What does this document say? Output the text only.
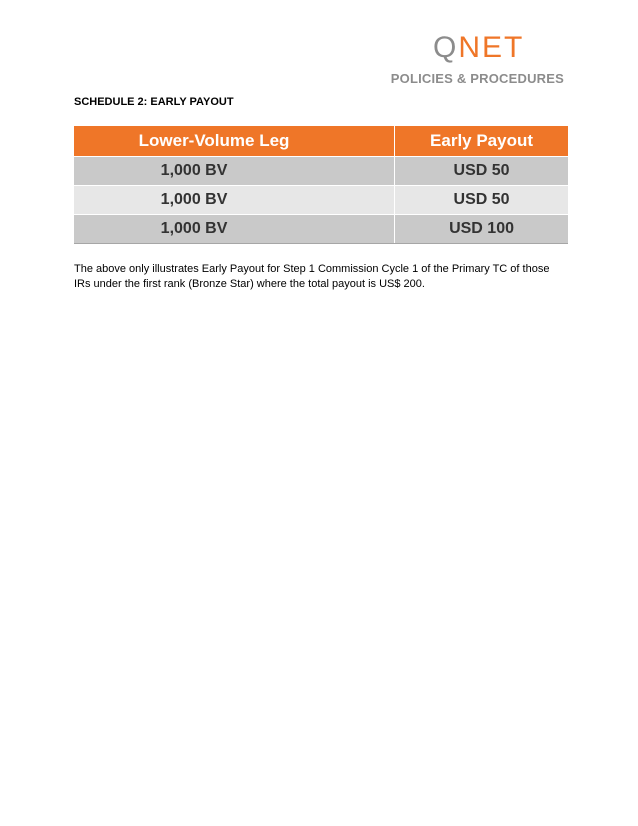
QNET
POLICIES & PROCEDURES
SCHEDULE 2: EARLY PAYOUT
Lower-Volume Leg	Early Payout
1,000 BV	USD 50
1,000 BV	USD 50
1,000 BV	USD 100
The above only illustrates Early Payout for Step 1 Commission Cycle 1 of the Primary TC of those IRs under the first rank (Bronze Star) where the total payout is US$ 200.
